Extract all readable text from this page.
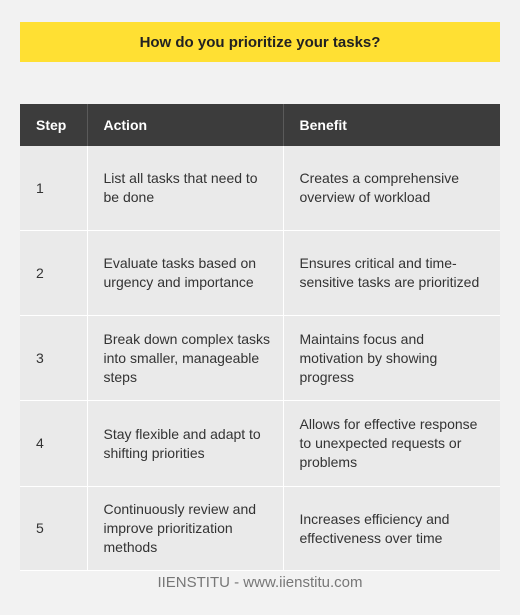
How do you prioritize your tasks?
Step	Action	Benefit
1	List all tasks that need to be done	Creates a comprehensive overview of workload
2	Evaluate tasks based on urgency and importance	Ensures critical and time-sensitive tasks are prioritized
3	Break down complex tasks into smaller, manageable steps	Maintains focus and motivation by showing progress
4	Stay flexible and adapt to shifting priorities	Allows for effective response to unexpected requests or problems
5	Continuously review and improve prioritization methods	Increases efficiency and effectiveness over time
IIENSTITU - www.iienstitu.com
